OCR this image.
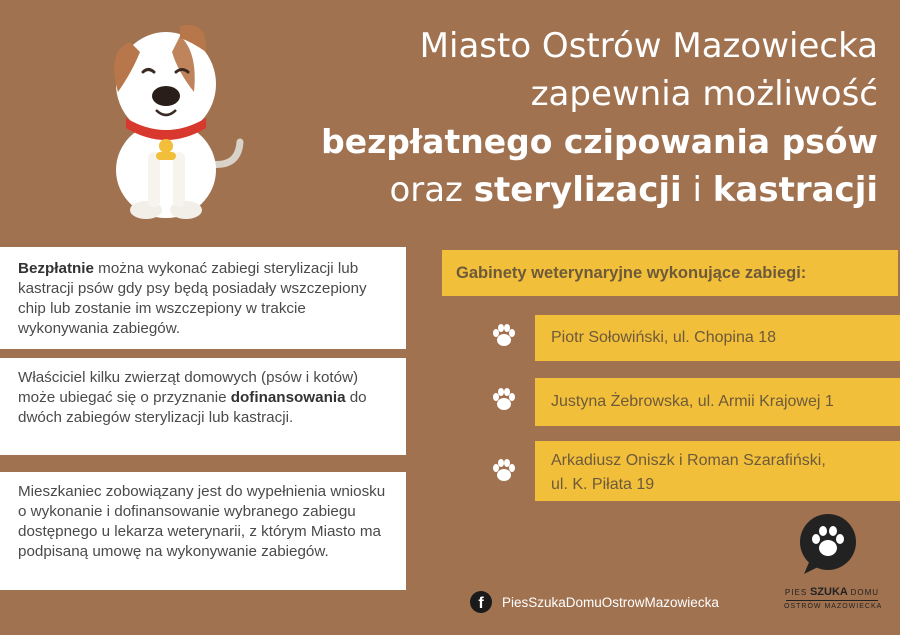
Miasto Ostrów Mazowiecka
zapewnia możliwość
bezpłatnego czipowania psów
oraz sterylizacji i kastracji
Bezpłatnie można wykonać zabiegi sterylizacji lub kastracji psów gdy psy będą posiadały wszczepiony chip lub zostanie im wszczepiony w trakcie wykonywania zabiegów.
Właściciel kilku zwierząt domowych (psów i kotów) może ubiegać się o przyznanie dofinansowania do dwóch zabiegów sterylizacji lub kastracji.
Mieszkaniec zobowiązany jest do wypełnienia wniosku o wykonanie i dofinansowanie wybranego zabiegu dostępnego u lekarza weterynarii, z którym Miasto ma podpisaną umowę na wykonywanie zabiegów.
Gabinety weterynaryjne wykonujące zabiegi:
Piotr Sołowiński, ul. Chopina 18
Justyna Żebrowska, ul. Armii Krajowej 1
Arkadiusz Oniszk i Roman Szarafiński,
ul. K. Piłata 19
f	PiesSzukaDomuOstrowMazowiecka
PIES SZUKA DOMU
OSTRÓW MAZOWIECKA
